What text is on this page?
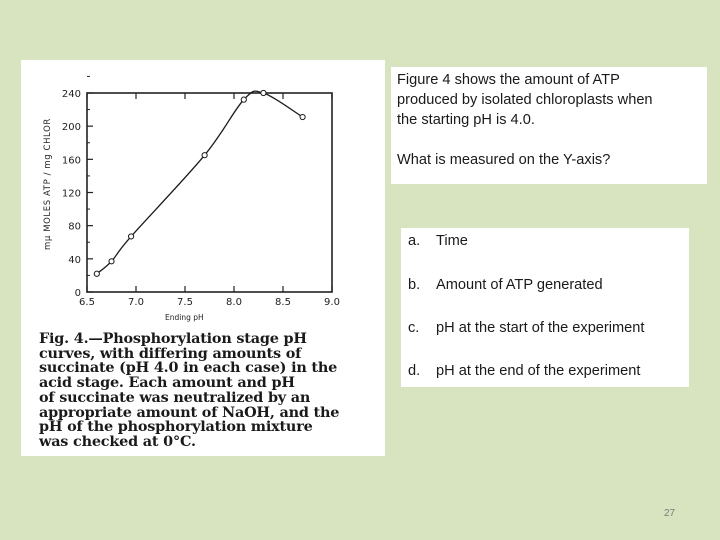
0
40
80
120
160
200
240
6.5	7.0	7.5	8.0	8.5	9.0
mμ MOLES ATP / mg CHLOR
Ending pH
Fig. 4.—Phosphorylation stage pH
curves, with differing amounts of
succinate (pH 4.0 in each case) in the
acid stage. Each amount and pH
of succinate was neutralized by an
appropriate amount of NaOH, and the
pH of the phosphorylation mixture
was checked at 0°C.
Figure 4 shows the amount of ATP
produced by isolated chloroplasts when
the starting pH is 4.0.
What is measured on the Y-axis?
a. Time
b. Amount of ATP generated
c. pH at the start of the experiment
d. pH at the end of the experiment
27
